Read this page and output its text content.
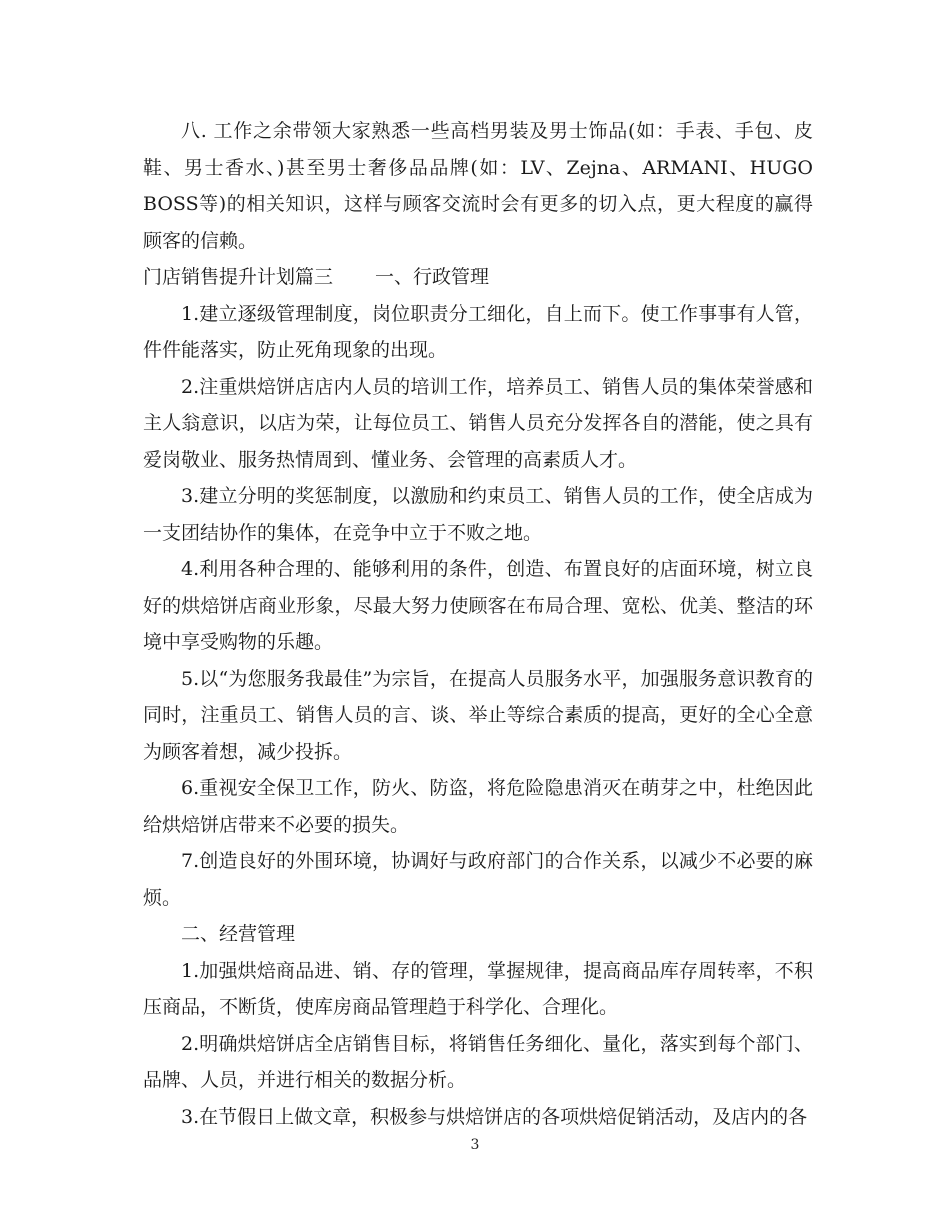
八. 工作之余带领大家熟悉一些高档男装及男士饰品(如：手表、手包、皮鞋、男士香水、)甚至男士奢侈品品牌(如：LV、Zejna、ARMANI、HUGO BOSS等)的相关知识，这样与顾客交流时会有更多的切入点，更大程度的赢得顾客的信赖。

门店销售提升计划篇三 一、行政管理

1.建立逐级管理制度，岗位职责分工细化，自上而下。使工作事事有人管，件件能落实，防止死角现象的出现。

2.注重烘焙饼店店内人员的培训工作，培养员工、销售人员的集体荣誉感和主人翁意识，以店为荣，让每位员工、销售人员充分发挥各自的潜能，使之具有爱岗敬业、服务热情周到、懂业务、会管理的高素质人才。

3.建立分明的奖惩制度，以激励和约束员工、销售人员的工作，使全店成为一支团结协作的集体，在竞争中立于不败之地。

4.利用各种合理的、能够利用的条件，创造、布置良好的店面环境，树立良好的烘焙饼店商业形象，尽最大努力使顾客在布局合理、宽松、优美、整洁的环境中享受购物的乐趣。

5.以“为您服务我最佳”为宗旨，在提高人员服务水平，加强服务意识教育的同时，注重员工、销售人员的言、谈、举止等综合素质的提高，更好的全心全意为顾客着想，减少投拆。

6.重视安全保卫工作，防火、防盗，将危险隐患消灭在萌芽之中，杜绝因此给烘焙饼店带来不必要的损失。

7.创造良好的外围环境，协调好与政府部门的合作关系，以减少不必要的麻烦。

二、经营管理

1.加强烘焙商品进、销、存的管理，掌握规律，提高商品库存周转率，不积压商品，不断货，使库房商品管理趋于科学化、合理化。

2.明确烘焙饼店全店销售目标，将销售任务细化、量化，落实到每个部门、品牌、人员，并进行相关的数据分析。

3.在节假日上做文章，积极参与烘焙饼店的各项烘焙促销活动，及店内的各

3
